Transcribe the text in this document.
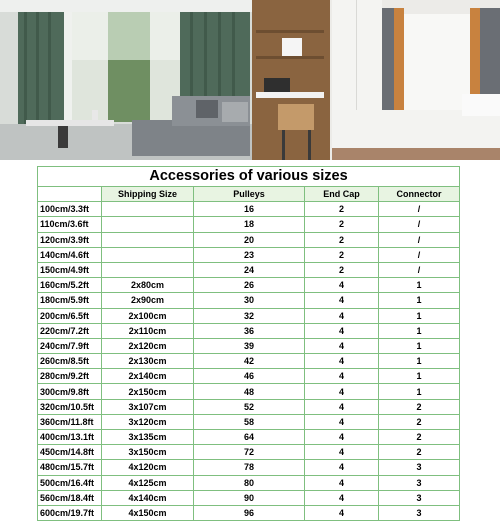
Accessories of various sizes				
	Shipping Size	Pulleys	End Cap	Connector
100cm/3.3ft		16	2	/
110cm/3.6ft		18	2	/
120cm/3.9ft		20	2	/
140cm/4.6ft		23	2	/
150cm/4.9ft		24	2	/
160cm/5.2ft	2x80cm	26	4	1
180cm/5.9ft	2x90cm	30	4	1
200cm/6.5ft	2x100cm	32	4	1
220cm/7.2ft	2x110cm	36	4	1
240cm/7.9ft	2x120cm	39	4	1
260cm/8.5ft	2x130cm	42	4	1
280cm/9.2ft	2x140cm	46	4	1
300cm/9.8ft	2x150cm	48	4	1
320cm/10.5ft	3x107cm	52	4	2
360cm/11.8ft	3x120cm	58	4	2
400cm/13.1ft	3x135cm	64	4	2
450cm/14.8ft	3x150cm	72	4	2
480cm/15.7ft	4x120cm	78	4	3
500cm/16.4ft	4x125cm	80	4	3
560cm/18.4ft	4x140cm	90	4	3
600cm/19.7ft	4x150cm	96	4	3
